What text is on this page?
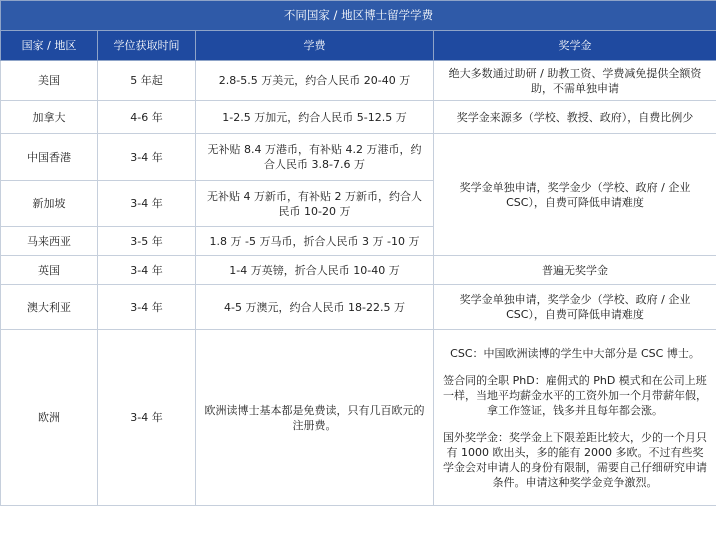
不同国家 / 地区博士留学学费			
国家 / 地区	学位获取时间	学费	奖学金
美国	5 年起	2.8-5.5 万美元，约合人民币 20-40 万	绝大多数通过助研 / 助教工资、学费减免提供全额资助，不需单独申请
加拿大	4-6 年	1-2.5 万加元，约合人民币 5-12.5 万	奖学金来源多（学校、教授、政府），自费比例少
中国香港	3-4 年	无补贴 8.4 万港币，有补贴 4.2 万港币，约合人民币 3.8-7.6 万	奖学金单独申请，奖学金少（学校、政府 / 企业 CSC），自费可降低申请难度
新加坡	3-4 年	无补贴 4 万新币，有补贴 2 万新币，约合人民币 10-20 万	
马来西亚	3-5 年	1.8 万 -5 万马币，折合人民币 3 万 -10 万	
英国	3-4 年	1-4 万英镑，折合人民币 10-40 万	普遍无奖学金
澳大利亚	3-4 年	4-5 万澳元，约合人民币 18-22.5 万	奖学金单独申请，奖学金少（学校、政府 / 企业 CSC），自费可降低申请难度
欧洲	3-4 年	欧洲读博士基本都是免费读，只有几百欧元的注册费。	CSC：中国欧洲读博的学生中大部分是 CSC 博士。
签合同的全职 PhD：雇佣式的 PhD 模式和在公司上班一样，当地平均薪金水平的工资外加一个月带薪年假，拿工作签证，钱多并且每年都会涨。
国外奖学金：奖学金上下限差距比较大，少的一个月只有 1000 欧出头，多的能有 2000 多欧。不过有些奖学金会对申请人的身份有限制，需要自己仔细研究申请条件。申请这种奖学金竞争激烈。
